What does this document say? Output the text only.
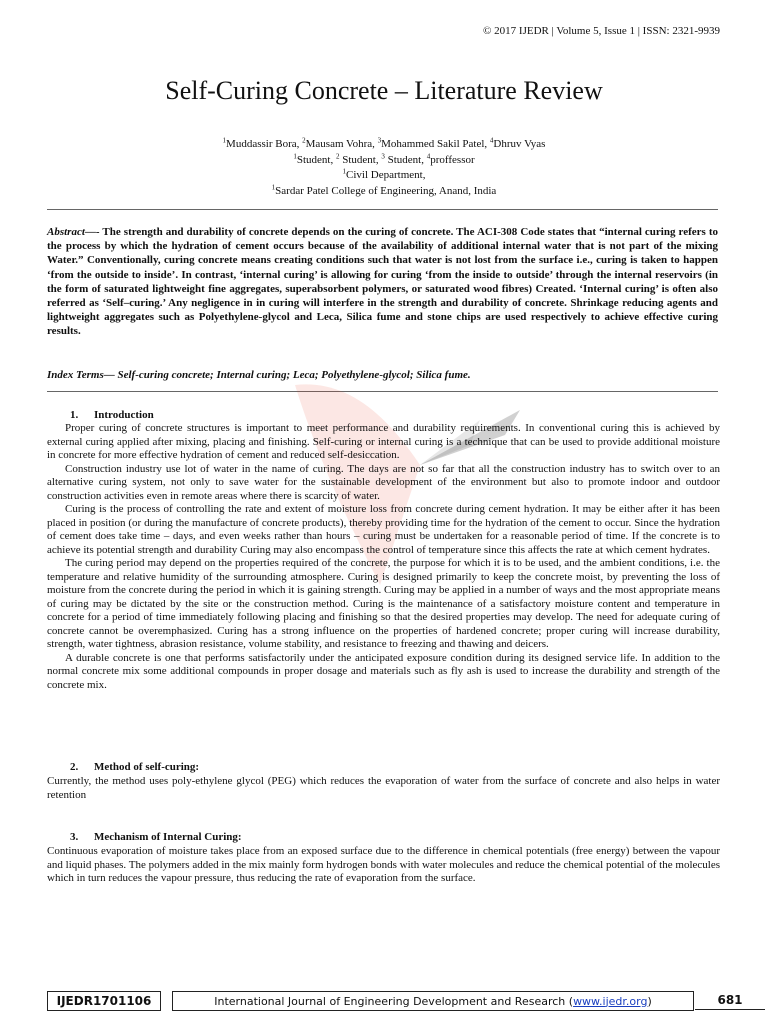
© 2017 IJEDR | Volume 5, Issue 1 | ISSN: 2321-9939
Self-Curing Concrete – Literature Review
$^1$Muddassir Bora, $^2$Mausam Vohra, $^3$Mohammed Sakil Patel, $^4$Dhruv Vyas
$^1$Student, $^2$ Student, $^3$ Student, $^4$proffessor
$^1$Civil Department,
$^1$Sardar Patel College of Engineering, Anand, India
Abstract—- The strength and durability of concrete depends on the curing of concrete. The ACI-308 Code states that “internal curing refers to the process by which the hydration of cement occurs because of the availability of additional internal water that is not part of the mixing Water.” Conventionally, curing concrete means creating conditions such that water is not lost from the surface i.e., curing is taken to happen ‘from the outside to inside’. In contrast, ‘internal curing’ is allowing for curing ‘from the inside to outside’ through the internal reservoirs (in the form of saturated lightweight fine aggregates, superabsorbent polymers, or saturated wood fibres) Created. ‘Internal curing’ is often also referred as ‘Self–curing.’ Any negligence in in curing will interfere in the strength and durability of concrete. Shrinkage reducing agents and lightweight aggregates such as Polyethylene-glycol and Leca, Silica fume and stone chips are used respectively to achieve effective curing results.
Index Terms— Self-curing concrete; Internal curing; Leca; Polyethylene-glycol; Silica fume.
1. Introduction

Proper curing of concrete structures is important to meet performance and durability requirements. In conventional curing this is achieved by external curing applied after mixing, placing and finishing. Self-curing or internal curing is a technique that can be used to provide additional moisture in concrete for more effective hydration of cement and reduced self-desiccation.

Construction industry use lot of water in the name of curing. The days are not so far that all the construction industry has to switch over to an alternative curing system, not only to save water for the sustainable development of the environment but also to promote indoor and outdoor construction activities even in remote areas where there is scarcity of water.

Curing is the process of controlling the rate and extent of moisture loss from concrete during cement hydration. It may be either after it has been placed in position (or during the manufacture of concrete products), thereby providing time for the hydration of the cement to occur. Since the hydration of cement does take time – days, and even weeks rather than hours – curing must be undertaken for a reasonable period of time. If the concrete is to achieve its potential strength and durability Curing may also encompass the control of temperature since this affects the rate at which cement hydrates.

The curing period may depend on the properties required of the concrete, the purpose for which it is to be used, and the ambient conditions, i.e. the temperature and relative humidity of the surrounding atmosphere. Curing is designed primarily to keep the concrete moist, by preventing the loss of moisture from the concrete during the period in which it is gaining strength. Curing may be applied in a number of ways and the most appropriate means of curing may be dictated by the site or the construction method. Curing is the maintenance of a satisfactory moisture content and temperature in concrete for a period of time immediately following placing and finishing so that the desired properties may develop. The need for adequate curing of concrete cannot be overemphasized. Curing has a strong influence on the properties of hardened concrete; proper curing will increase durability, strength, water tightness, abrasion resistance, volume stability, and resistance to freezing and thawing and deicers.

A durable concrete is one that performs satisfactorily under the anticipated exposure condition during its designed service life. In addition to the normal concrete mix some additional compounds in proper dosage and materials such as fly ash is used to increase the durability and strength of the concrete mix.

2. Method of self-curing:

Currently, the method uses poly-ethylene glycol (PEG) which reduces the evaporation of water from the surface of concrete and also helps in water retention

3. Mechanism of Internal Curing:

Continuous evaporation of moisture takes place from an exposed surface due to the difference in chemical potentials (free energy) between the vapour and liquid phases. The polymers added in the mix mainly form hydrogen bonds with water molecules and reduce the chemical potential of the molecules which in turn reduces the vapour pressure, thus reducing the rate of evaporation from the surface.

IJEDR1701106	International Journal of Engineering Development and Research ( www.ijedr.org )	681
